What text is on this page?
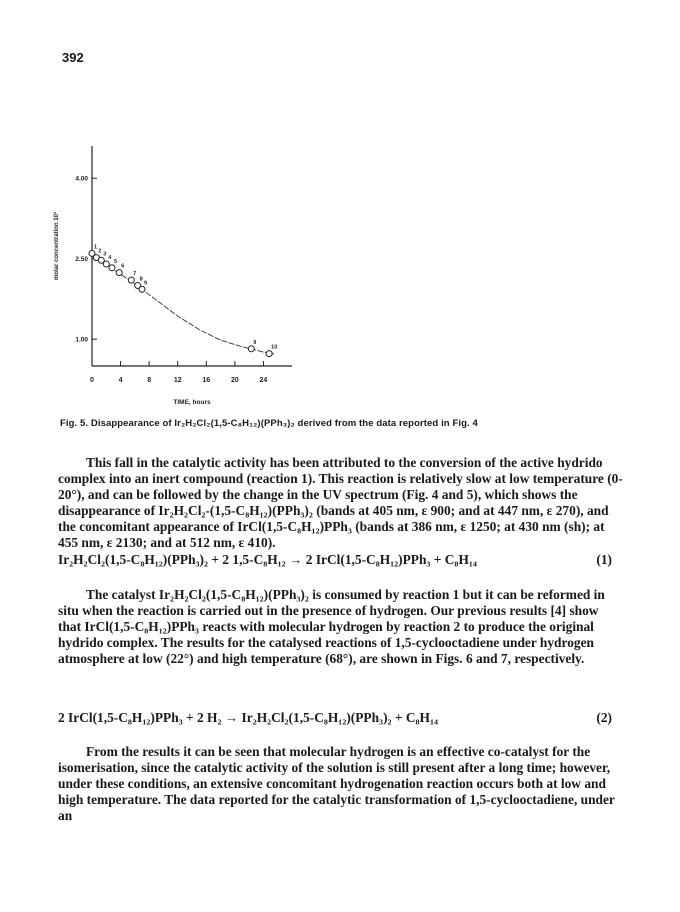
392
0	4	8	12	16	20	24
1.00
2.50
4.00
TIME, hours
molar concentration 10³	1
2 3
4
5
6
7
8
9
9
10
Fig. 5. Disappearance of Ir₂H₂Cl₂(1,5-C₈H₁₂)(PPh₃)₂ derived from the data reported in Fig. 4
This fall in the catalytic activity has been attributed to the conversion of the active hydrido complex into an inert compound (reaction 1). This reaction is relatively slow at low temperature (0-20°), and can be followed by the change in the UV spectrum (Fig. 4 and 5), which shows the disappearance of Ir₂H₂Cl₂-(1,5-C₈H₁₂)(PPh₃)₂ (bands at 405 nm, ε 900; and at 447 nm, ε 270), and the concomitant appearance of IrCl(1,5-C₈H₁₂)PPh₃ (bands at 386 nm, ε 1250; at 430 nm (sh); at 455 nm, ε 2130; and at 512 nm, ε 410).
Ir₂H₂Cl₂(1,5-C₈H₁₂)(PPh₃)₂ + 2 1,5-C₈H₁₂ → 2 IrCl(1,5-C₈H₁₂)PPh₃ + C₈H₁₄	(1)
The catalyst Ir₂H₂Cl₂(1,5-C₈H₁₂)(PPh₃)₂ is consumed by reaction 1 but it can be reformed in situ when the reaction is carried out in the presence of hydrogen. Our previous results [4] show that IrCl(1,5-C₈H₁₂)PPh₃ reacts with molecular hydrogen by reaction 2 to produce the original hydrido complex. The results for the catalysed reactions of 1,5-cyclooctadiene under hydrogen atmosphere at low (22°) and high temperature (68°), are shown in Figs. 6 and 7, respectively.
2 IrCl(1,5-C₈H₁₂)PPh₃ + 2 H₂ → Ir₂H₂Cl₂(1,5-C₈H₁₂)(PPh₃)₂ + C₈H₁₄	(2)
From the results it can be seen that molecular hydrogen is an effective co-catalyst for the isomerisation, since the catalytic activity of the solution is still present after a long time; however, under these conditions, an extensive concomitant hydrogenation reaction occurs both at low and high temperature. The data reported for the catalytic transformation of 1,5-cyclooctadiene, under an
